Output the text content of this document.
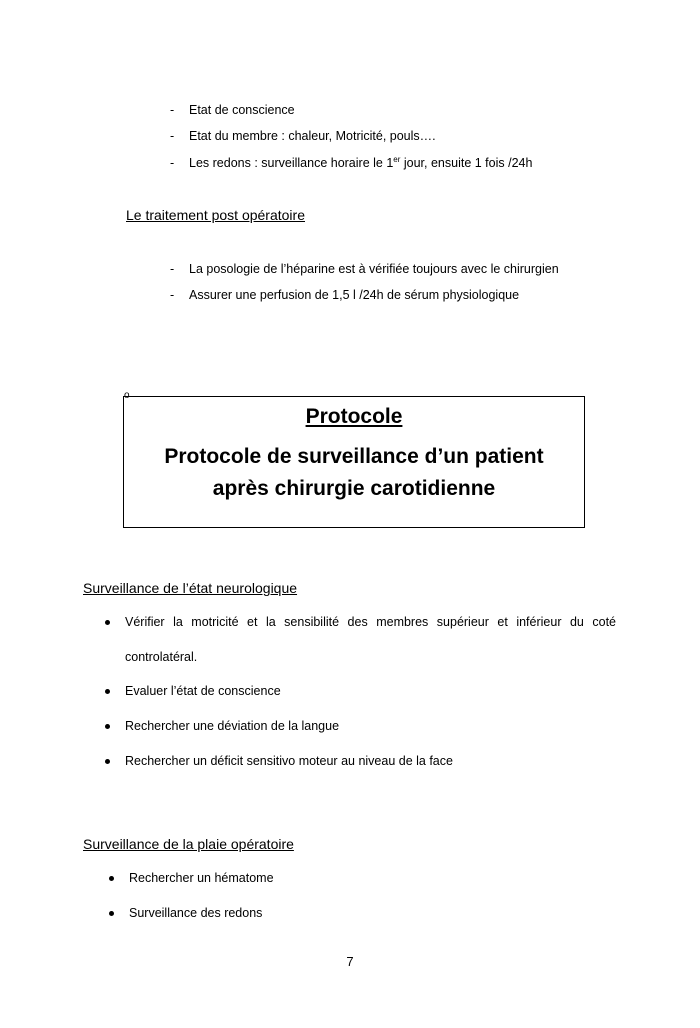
- Etat de conscience
- Etat du membre : chaleur, Motricité, pouls….
- Les redons : surveillance horaire le 1er jour, ensuite 1 fois /24h
Le traitement post opératoire
- La posologie de l’héparine est à vérifiée toujours avec le chirurgien
- Assurer une perfusion de 1,5 l /24h de sérum physiologique
o
Protocole
Protocole de surveillance d’un patient après chirurgie carotidienne
Surveillance de l’état neurologique
Vérifier la motricité et la sensibilité des membres supérieur et inférieur du coté
controlatéral.
Evaluer l’état de conscience
Rechercher une déviation de la langue
Rechercher un déficit sensitivo moteur au niveau de la face
Surveillance de la plaie opératoire
Rechercher un hématome
Surveillance des redons
7
